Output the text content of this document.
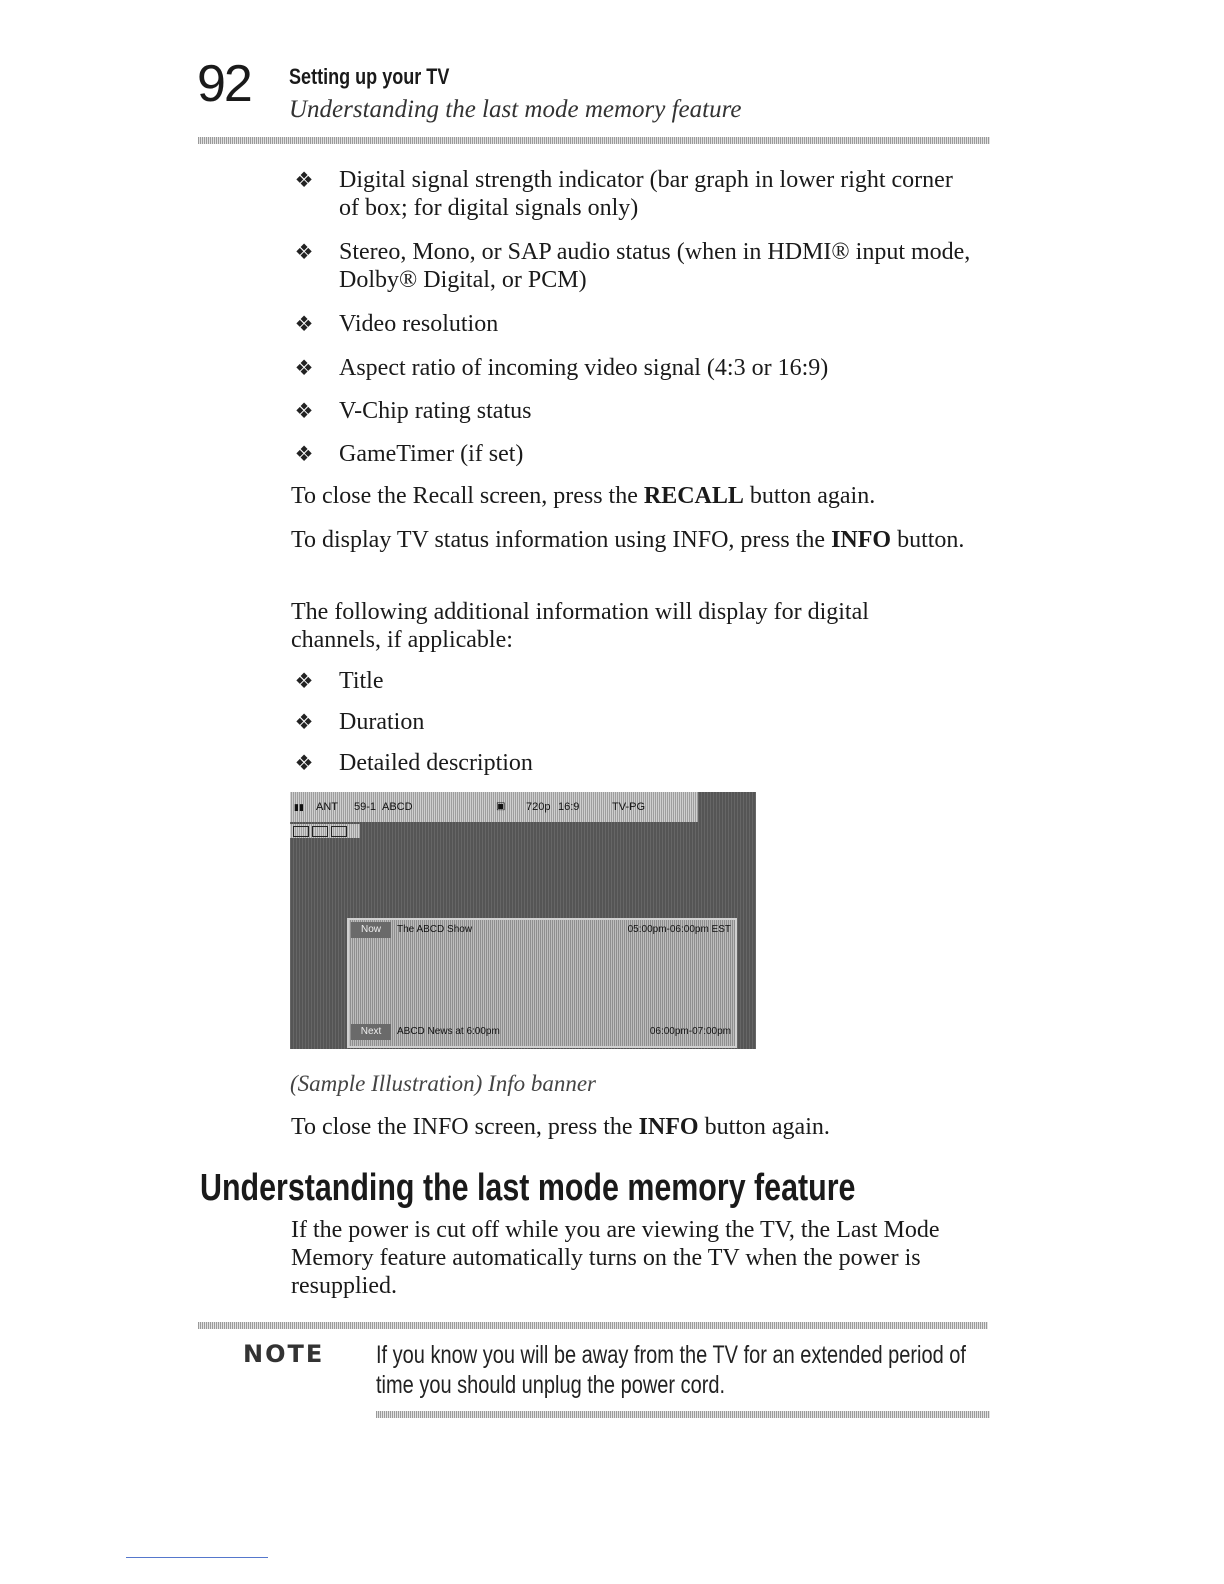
92 Setting up your TV
Understanding the last mode memory feature
❖ Digital signal strength indicator (bar graph in lower right corner of box; for digital signals only)
❖ Stereo, Mono, or SAP audio status (when in HDMI® input mode, Dolby® Digital, or PCM)
❖ Video resolution
❖ Aspect ratio of incoming video signal (4:3 or 16:9)
❖ V-Chip rating status
❖ GameTimer (if set)

To close the Recall screen, press the RECALL button again.

To display TV status information using INFO, press the INFO button.

The following additional information will display for digital channels, if applicable:

❖ Title
❖ Duration
❖ Detailed description
▮▮ ANT 59-1 ABCD	▣ 720p 16:9	TV-PG
Now	The ABCD Show	05:00pm-06:00pm EST
Next	ABCD News at 6:00pm	06:00pm-07:00pm
(Sample Illustration) Info banner

To close the INFO screen, press the INFO button again.

Understanding the last mode memory feature

If the power is cut off while you are viewing the TV, the Last Mode Memory feature automatically turns on the TV when the power is resupplied.

NOTE If you know you will be away from the TV for an extended period of time you should unplug the power cord.
